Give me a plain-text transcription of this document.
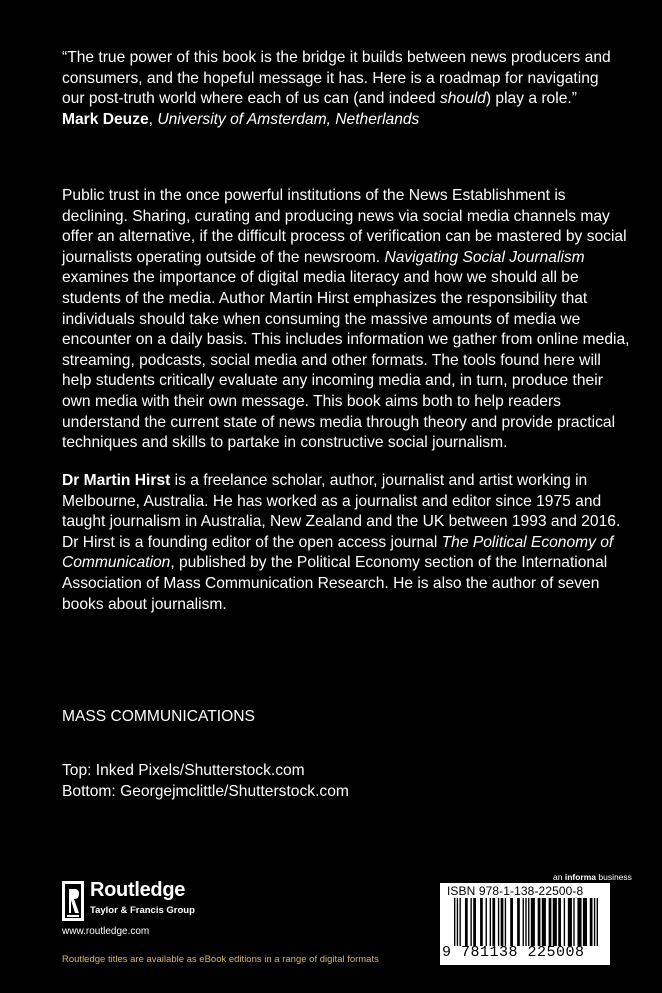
“The true power of this book is the bridge it builds between news producers and consumers, and the hopeful message it has. Here is a roadmap for navigating our post-truth world where each of us can (and indeed should) play a role.”

Mark Deuze, University of Amsterdam, Netherlands

Public trust in the once powerful institutions of the News Establishment is declining. Sharing, curating and producing news via social media channels may offer an alternative, if the difficult process of verification can be mastered by social journalists operating outside of the newsroom. Navigating Social Journalism examines the importance of digital media literacy and how we should all be students of the media. Author Martin Hirst emphasizes the responsibility that individuals should take when consuming the massive amounts of media we encounter on a daily basis. This includes information we gather from online media, streaming, podcasts, social media and other formats. The tools found here will help students critically evaluate any incoming media and, in turn, produce their own media with their own message. This book aims both to help readers understand the current state of news media through theory and provide practical techniques and skills to partake in constructive social journalism.

Dr Martin Hirst is a freelance scholar, author, journalist and artist working in Melbourne, Australia. He has worked as a journalist and editor since 1975 and taught journalism in Australia, New Zealand and the UK between 1993 and 2016. Dr Hirst is a founding editor of the open access journal The Political Economy of Communication, published by the Political Economy section of the International Association of Mass Communication Research. He is also the author of seven books about journalism.

MASS COMMUNICATIONS
Top: Inked Pixels/Shutterstock.com
Bottom: Georgejmclittle/Shutterstock.com
Routledge
Taylor & Francis Group
www.routledge.com
Routledge titles are available as eBook editions in a range of digital formats
an informa business
ISBN 978-1-138-22500-8
9 781138 225008
